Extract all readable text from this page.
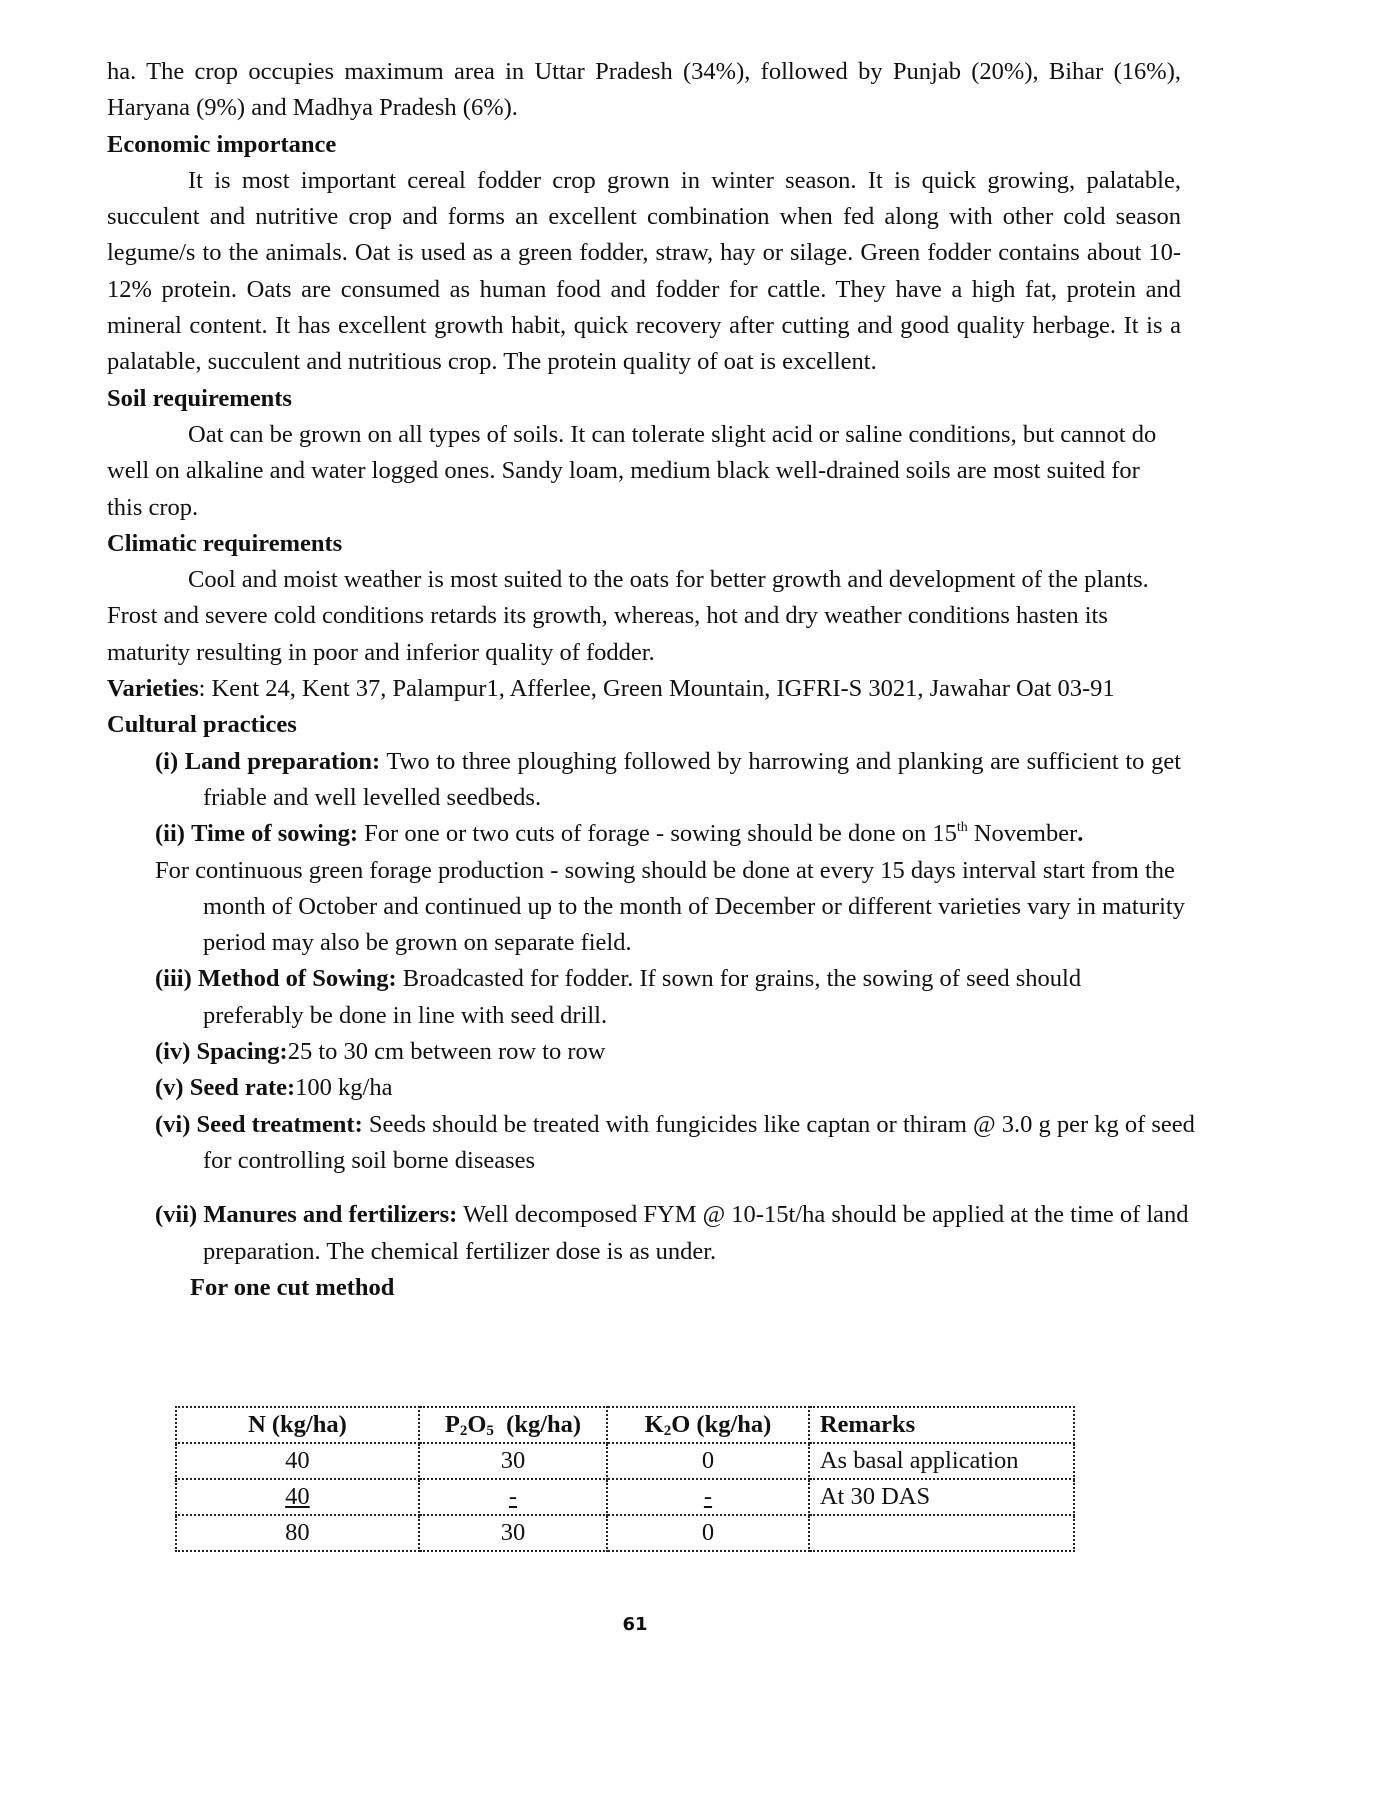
ha. The crop occupies maximum area in Uttar Pradesh (34%), followed by Punjab (20%), Bihar (16%), Haryana (9%) and Madhya Pradesh (6%).

Economic importance

It is most important cereal fodder crop grown in winter season. It is quick growing, palatable, succulent and nutritive crop and forms an excellent combination when fed along with other cold season legume/s to the animals. Oat is used as a green fodder, straw, hay or silage. Green fodder contains about 10-12% protein. Oats are consumed as human food and fodder for cattle. They have a high fat, protein and mineral content. It has excellent growth habit, quick recovery after cutting and good quality herbage. It is a palatable, succulent and nutritious crop. The protein quality of oat is excellent.

Soil requirements

Oat can be grown on all types of soils. It can tolerate slight acid or saline conditions, but cannot do well on alkaline and water logged ones. Sandy loam, medium black well-drained soils are most suited for this crop.

Climatic requirements

Cool and moist weather is most suited to the oats for better growth and development of the plants. Frost and severe cold conditions retards its growth, whereas, hot and dry weather conditions hasten its maturity resulting in poor and inferior quality of fodder.

Varieties: Kent 24, Kent 37, Palampur1, Afferlee, Green Mountain, IGFRI-S 3021, Jawahar Oat 03-91

Cultural practices

(i) Land preparation: Two to three ploughing followed by harrowing and planking are sufficient to get friable and well levelled seedbeds.

(ii) Time of sowing: For one or two cuts of forage - sowing should be done on 15th November.

For continuous green forage production - sowing should be done at every 15 days interval start from the month of October and continued up to the month of December or different varieties vary in maturity period may also be grown on separate field.

(iii) Method of Sowing: Broadcasted for fodder. If sown for grains, the sowing of seed should preferably be done in line with seed drill.

(iv) Spacing:25 to 30 cm between row to row

(v) Seed rate:100 kg/ha

(vi) Seed treatment: Seeds should be treated with fungicides like captan or thiram @ 3.0 g per kg of seed for controlling soil borne diseases

(vii) Manures and fertilizers: Well decomposed FYM @ 10-15t/ha should be applied at the time of land preparation. The chemical fertilizer dose is as under.

For one cut method

N (kg/ha)	$P_2O_5$  (kg/ha)	$K_2O$ (kg/ha)	Remarks
40	30	0	As basal application
40	-	-	At 30 DAS
80	30	0	
61
